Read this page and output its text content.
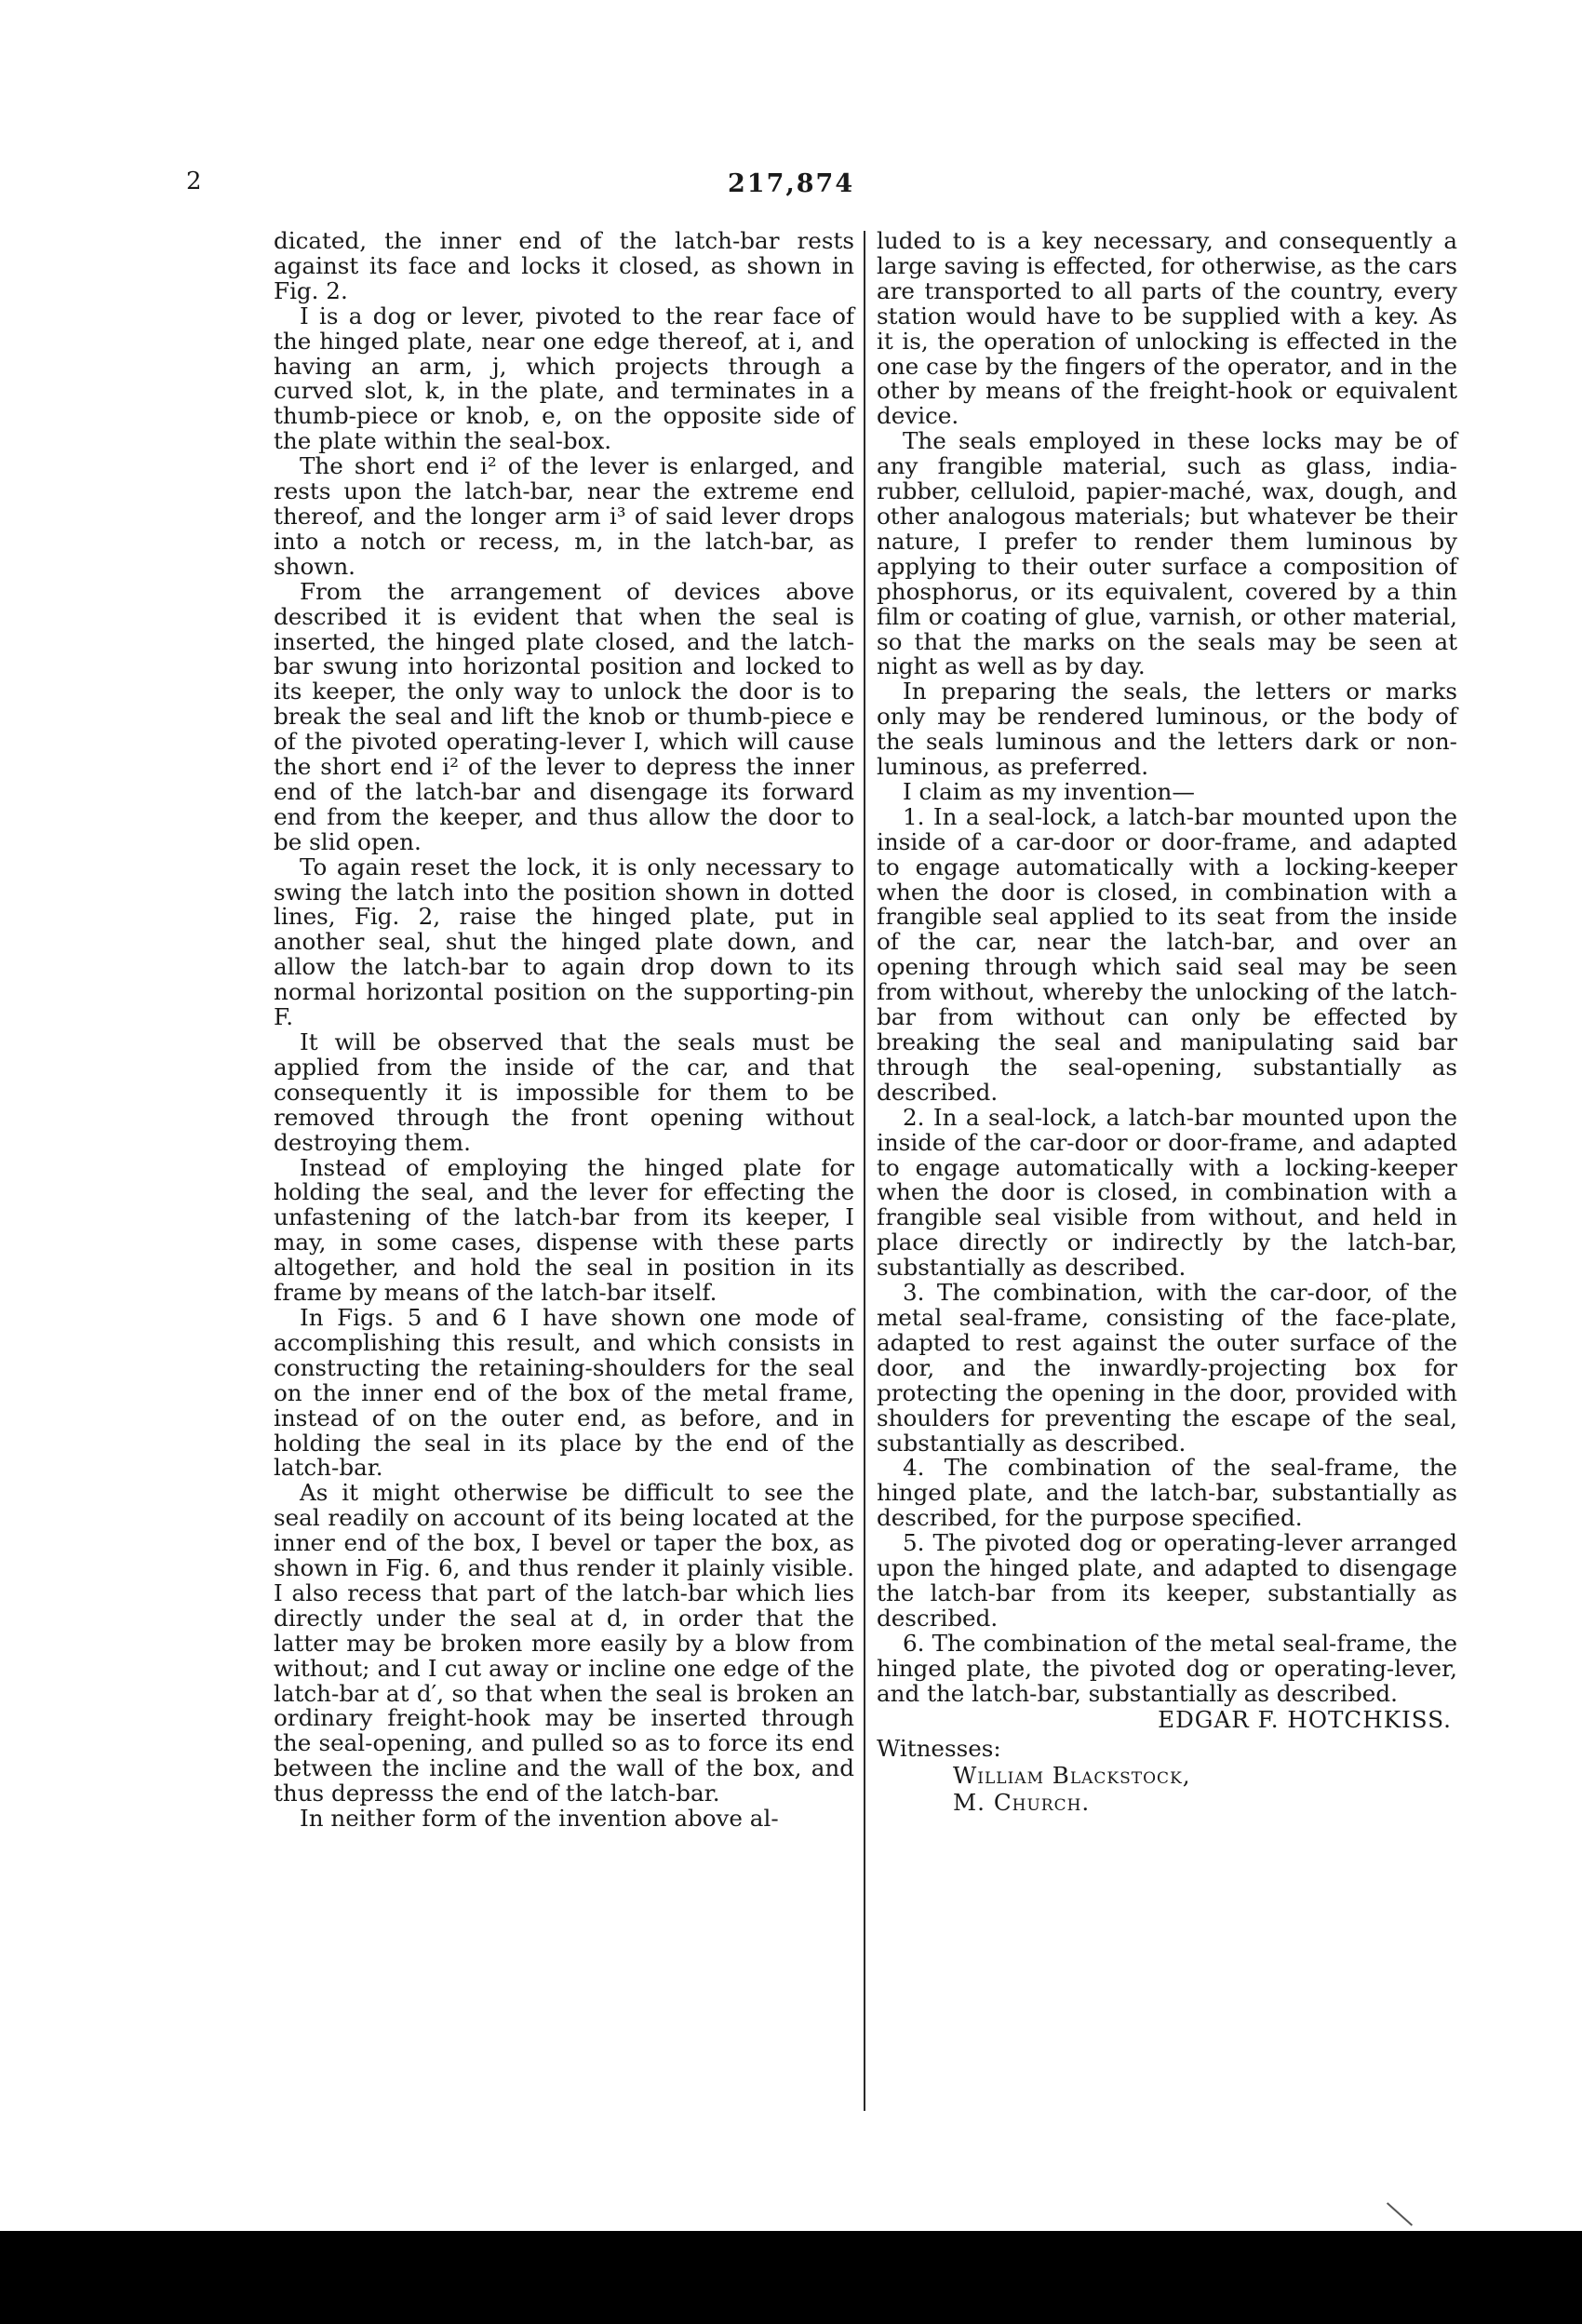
2	217,874

dicated, the inner end of the latch-bar rests against its face and locks it closed, as shown in Fig. 2.

I is a dog or lever, pivoted to the rear face of the hinged plate, near one edge thereof, at i, and having an arm, j, which projects through a curved slot, k, in the plate, and terminates in a thumb-piece or knob, e, on the opposite side of the plate within the seal-box.

The short end i² of the lever is enlarged, and rests upon the latch-bar, near the extreme end thereof, and the longer arm i³ of said lever drops into a notch or recess, m, in the latch-bar, as shown.

From the arrangement of devices above described it is evident that when the seal is inserted, the hinged plate closed, and the latch-bar swung into horizontal position and locked to its keeper, the only way to unlock the door is to break the seal and lift the knob or thumb-piece e of the pivoted operating-lever I, which will cause the short end i² of the lever to depress the inner end of the latch-bar and disengage its forward end from the keeper, and thus allow the door to be slid open.

To again reset the lock, it is only necessary to swing the latch into the position shown in dotted lines, Fig. 2, raise the hinged plate, put in another seal, shut the hinged plate down, and allow the latch-bar to again drop down to its normal horizontal position on the supporting-pin F.

It will be observed that the seals must be applied from the inside of the car, and that consequently it is impossible for them to be removed through the front opening without destroying them.

Instead of employing the hinged plate for holding the seal, and the lever for effecting the unfastening of the latch-bar from its keeper, I may, in some cases, dispense with these parts altogether, and hold the seal in position in its frame by means of the latch-bar itself.

In Figs. 5 and 6 I have shown one mode of accomplishing this result, and which consists in constructing the retaining-shoulders for the seal on the inner end of the box of the metal frame, instead of on the outer end, as before, and in holding the seal in its place by the end of the latch-bar.

As it might otherwise be difficult to see the seal readily on account of its being located at the inner end of the box, I bevel or taper the box, as shown in Fig. 6, and thus render it plainly visible. I also recess that part of the latch-bar which lies directly under the seal at d, in order that the latter may be broken more easily by a blow from without; and I cut away or incline one edge of the latch-bar at d′, so that when the seal is broken an ordinary freight-hook may be inserted through the seal-opening, and pulled so as to force its end between the incline and the wall of the box, and thus depresss the end of the latch-bar.

In neither form of the invention above al-

luded to is a key necessary, and consequently a large saving is effected, for otherwise, as the cars are transported to all parts of the country, every station would have to be supplied with a key. As it is, the operation of unlocking is effected in the one case by the fingers of the operator, and in the other by means of the freight-hook or equivalent device.

The seals employed in these locks may be of any frangible material, such as glass, india-rubber, celluloid, papier-maché, wax, dough, and other analogous materials; but whatever be their nature, I prefer to render them luminous by applying to their outer surface a composition of phosphorus, or its equivalent, covered by a thin film or coating of glue, varnish, or other material, so that the marks on the seals may be seen at night as well as by day.

In preparing the seals, the letters or marks only may be rendered luminous, or the body of the seals luminous and the letters dark or non-luminous, as preferred.

I claim as my invention—

1. In a seal-lock, a latch-bar mounted upon the inside of a car-door or door-frame, and adapted to engage automatically with a locking-keeper when the door is closed, in combination with a frangible seal applied to its seat from the inside of the car, near the latch-bar, and over an opening through which said seal may be seen from without, whereby the unlocking of the latch-bar from without can only be effected by breaking the seal and manipulating said bar through the seal-opening, substantially as described.

2. In a seal-lock, a latch-bar mounted upon the inside of the car-door or door-frame, and adapted to engage automatically with a locking-keeper when the door is closed, in combination with a frangible seal visible from without, and held in place directly or indirectly by the latch-bar, substantially as described.

3. The combination, with the car-door, of the metal seal-frame, consisting of the face-plate, adapted to rest against the outer surface of the door, and the inwardly-projecting box for protecting the opening in the door, provided with shoulders for preventing the escape of the seal, substantially as described.

4. The combination of the seal-frame, the hinged plate, and the latch-bar, substantially as described, for the purpose specified.

5. The pivoted dog or operating-lever arranged upon the hinged plate, and adapted to disengage the latch-bar from its keeper, substantially as described.

6. The combination of the metal seal-frame, the hinged plate, the pivoted dog or operating-lever, and the latch-bar, substantially as described.

EDGAR F. HOTCHKISS.
Witnesses:
William Blackstock,
M. Church.
